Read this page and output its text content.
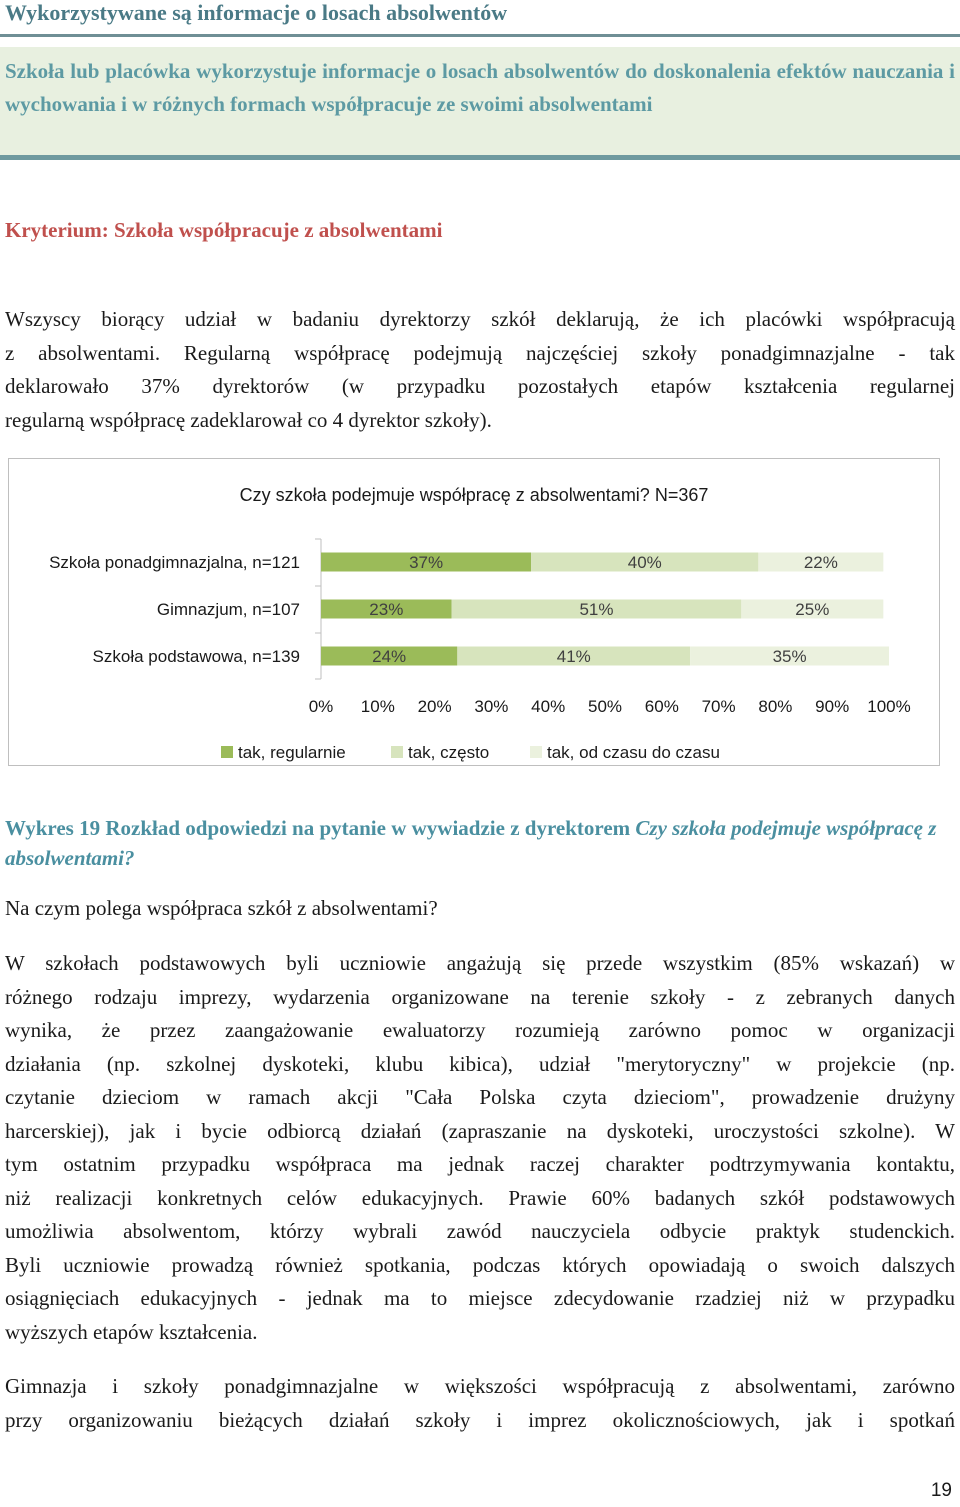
Wykorzystywane są informacje o losach absolwentów
Szkoła lub placówka wykorzystuje informacje o losach absolwentów do doskonalenia efektów nauczania i wychowania i w różnych formach współpracuje ze swoimi absolwentami
Kryterium: Szkoła współpracuje z absolwentami
Wszyscy biorący udział w badaniu dyrektorzy szkół deklarują, że ich placówki współpracują
z absolwentami. Regularną współpracę podejmują najczęściej szkoły ponadgimnazjalne - tak
deklarowało 37% dyrektorów (w przypadku pozostałych etapów kształcenia regularnej
regularną współpracę zadeklarował co 4 dyrektor szkoły).
Czy szkoła podejmuje współpracę z absolwentami? N=367
Szkoła ponadgimnazjalna, n=121
Gimnazjum, n=107
Szkoła podstawowa, n=139
37%	40%	22%
23%	51%	25%
24%	41%	35%
0% 10% 20% 30% 40% 50% 60% 70% 80% 90% 100%
tak, regularnie	tak, często	tak, od czasu do czasu
Wykres 19 Rozkład odpowiedzi na pytanie w wywiadzie z dyrektorem Czy szkoła podejmuje współpracę z absolwentami?
Na czym polega współpraca szkół z absolwentami?
W szkołach podstawowych byli uczniowie angażują się przede wszystkim (85% wskazań) w
różnego rodzaju imprezy, wydarzenia organizowane na terenie szkoły - z zebranych danych
wynika, że przez zaangażowanie ewaluatorzy rozumieją zarówno pomoc w organizacji
działania (np. szkolnej dyskoteki, klubu kibica), udział "merytoryczny" w projekcie (np.
czytanie dzieciom w ramach akcji "Cała Polska czyta dzieciom", prowadzenie drużyny
harcerskiej), jak i bycie odbiorcą działań (zapraszanie na dyskoteki, uroczystości szkolne). W
tym ostatnim przypadku współpraca ma jednak raczej charakter podtrzymywania kontaktu,
niż realizacji konkretnych celów edukacyjnych. Prawie 60% badanych szkół podstawowych
umożliwia absolwentom, którzy wybrali zawód nauczyciela odbycie praktyk studenckich.
Byli uczniowie prowadzą również spotkania, podczas których opowiadają o swoich dalszych
osiągnięciach edukacyjnych - jednak ma to miejsce zdecydowanie rzadziej niż w przypadku
wyższych etapów kształcenia.
Gimnazja i szkoły ponadgimnazjalne w większości współpracują z absolwentami, zarówno
przy organizowaniu bieżących działań szkoły i imprez okolicznościowych, jak i spotkań
19
